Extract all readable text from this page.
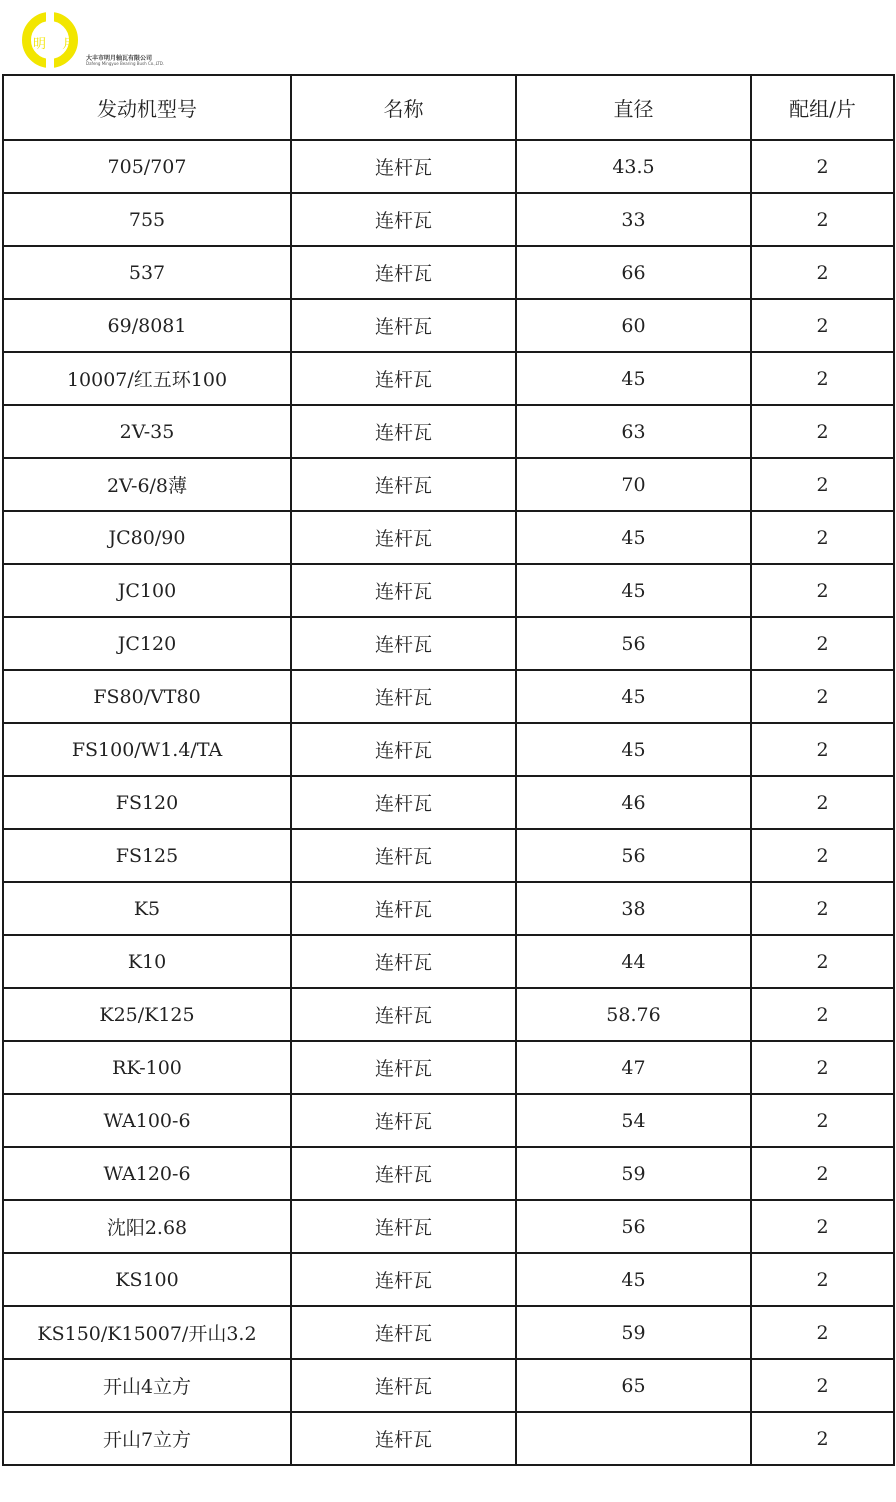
明 月
大丰市明月轴瓦有限公司
Dafeng Mingyue Bearing Bush Co.,LTD.
发动机型号	名称	直径	配组/片
705/707	连杆瓦	43.5	2
755	连杆瓦	33	2
537	连杆瓦	66	2
69/8081	连杆瓦	60	2
10007/红五环100	连杆瓦	45	2
2V-35	连杆瓦	63	2
2V-6/8薄	连杆瓦	70	2
JC80/90	连杆瓦	45	2
JC100	连杆瓦	45	2
JC120	连杆瓦	56	2
FS80/VT80	连杆瓦	45	2
FS100/W1.4/TA	连杆瓦	45	2
FS120	连杆瓦	46	2
FS125	连杆瓦	56	2
K5	连杆瓦	38	2
K10	连杆瓦	44	2
K25/K125	连杆瓦	58.76	2
RK-100	连杆瓦	47	2
WA100-6	连杆瓦	54	2
WA120-6	连杆瓦	59	2
沈阳2.68	连杆瓦	56	2
KS100	连杆瓦	45	2
KS150/K15007/开山3.2	连杆瓦	59	2
开山4立方	连杆瓦	65	2
开山7立方	连杆瓦		2
